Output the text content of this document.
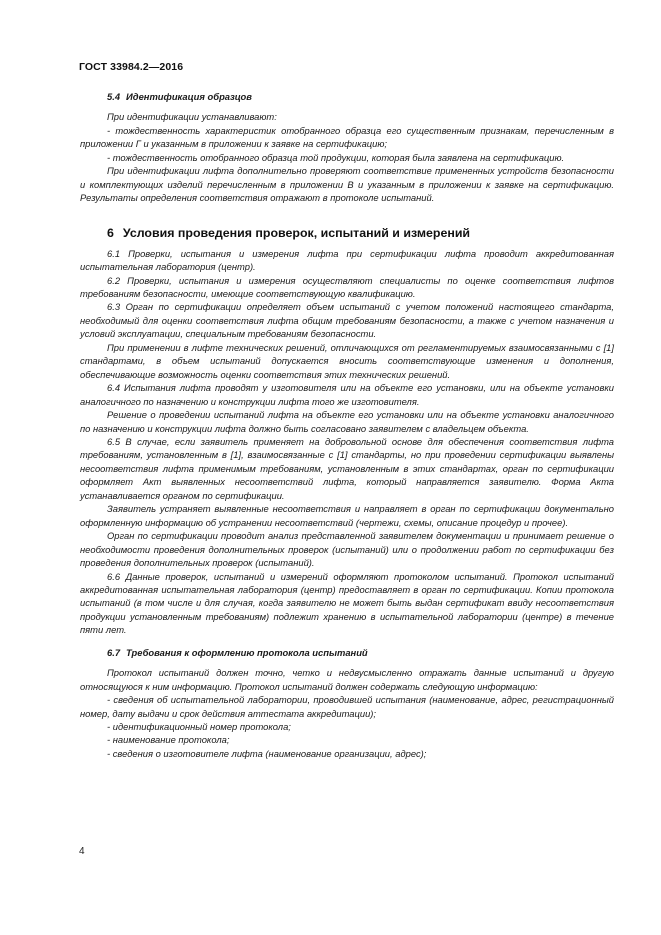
ГОСТ 33984.2—2016

5.4 Идентификация образцов

При идентификации устанавливают:

- тождественность характеристик отобранного образца его существенным признакам, перечисленным в приложении Г и указанным в приложении к заявке на сертификацию;

- тождественность отобранного образца той продукции, которая была заявлена на сертификацию.

При идентификации лифта дополнительно проверяют соответствие примененных устройств безопасности и комплектующих изделий перечисленным в приложении В и указанным в приложении к заявке на сертификацию. Результаты определения соответствия отражают в протоколе испытаний.

6 Условия проведения проверок, испытаний и измерений

6.1 Проверки, испытания и измерения лифта при сертификации лифта проводит аккредитованная испытательная лаборатория (центр).

6.2 Проверки, испытания и измерения осуществляют специалисты по оценке соответствия лифтов требованиям безопасности, имеющие соответствующую квалификацию.

6.3 Орган по сертификации определяет объем испытаний с учетом положений настоящего стандарта, необходимый для оценки соответствия лифта общим требованиям безопасности, а также с учетом назначения и условий эксплуатации, специальным требованиям безопасности.

При применении в лифте технических решений, отличающихся от регламентируемых взаимосвязанными с [1] стандартами, в объем испытаний допускается вносить соответствующие изменения и дополнения, обеспечивающие возможность оценки соответствия этих технических решений.

6.4 Испытания лифта проводят у изготовителя или на объекте его установки, или на объекте установки аналогичного по назначению и конструкции лифта того же изготовителя.

Решение о проведении испытаний лифта на объекте его установки или на объекте установки аналогичного по назначению и конструкции лифта должно быть согласовано заявителем с владельцем объекта.

6.5 В случае, если заявитель применяет на добровольной основе для обеспечения соответствия лифта требованиям, установленным в [1], взаимосвязанные с [1] стандарты, но при проведении сертификации выявлены несоответствия лифта применимым требованиям, установленным в этих стандартах, орган по сертификации оформляет Акт выявленных несоответствий лифта, который направляется заявителю. Форма Акта устанавливается органом по сертификации.

Заявитель устраняет выявленные несоответствия и направляет в орган по сертификации документально оформленную информацию об устранении несоответствий (чертежи, схемы, описание процедур и прочее).

Орган по сертификации проводит анализ представленной заявителем документации и принимает решение о необходимости проведения дополнительных проверок (испытаний) или о продолжении работ по сертификации без проведения дополнительных проверок (испытаний).

6.6 Данные проверок, испытаний и измерений оформляют протоколом испытаний. Протокол испытаний аккредитованная испытательная лаборатория (центр) предоставляет в орган по сертификации. Копии протокола испытаний (в том числе и для случая, когда заявителю не может быть выдан сертификат ввиду несоответствия продукции установленным требованиям) подлежит хранению в испытательной лаборатории (центре) в течение пяти лет.

6.7 Требования к оформлению протокола испытаний

Протокол испытаний должен точно, четко и недвусмысленно отражать данные испытаний и другую относящуюся к ним информацию. Протокол испытаний должен содержать следующую информацию:

- сведения об испытательной лаборатории, проводившей испытания (наименование, адрес, регистрационный номер, дату выдачи и срок действия аттестата аккредитации);

- идентификационный номер протокола;

- наименование протокола;

- сведения о изготовителе лифта (наименование организации, адрес);

4
